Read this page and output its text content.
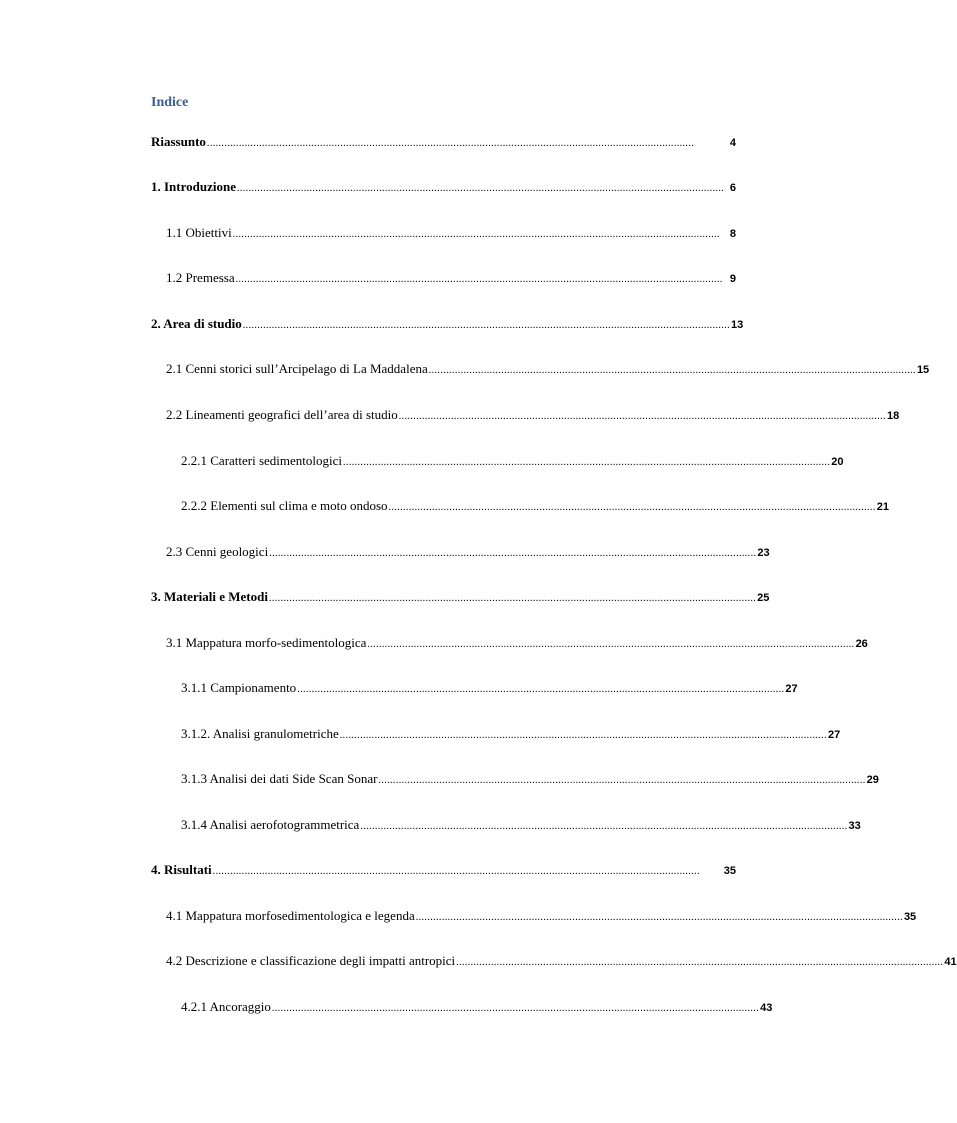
Indice
Riassunto ........................................................................................................................................................................	4
1. Introduzione ........................................................................................................................................................................ 6
1.1 Obiettivi ........................................................................................................................................................................ 8
1.2 Premessa ........................................................................................................................................................................ 9
2. Area di studio ........................................................................................................................................................................ 13
2.1 Cenni storici sull’Arcipelago di La Maddalena ........................................................................................................................................................................ 15
2.2 Lineamenti geografici dell’area di studio ........................................................................................................................................................................ 18
2.2.1 Caratteri sedimentologici ........................................................................................................................................................................ 20
2.2.2 Elementi sul clima e moto ondoso ........................................................................................................................................................................ 21
2.3 Cenni geologici ........................................................................................................................................................................ 23
3. Materiali e Metodi ........................................................................................................................................................................ 25
3.1 Mappatura morfo-sedimentologica ........................................................................................................................................................................ 26
3.1.1 Campionamento ........................................................................................................................................................................ 27
3.1.2. Analisi granulometriche ........................................................................................................................................................................ 27
3.1.3 Analisi dei dati Side Scan Sonar ........................................................................................................................................................................ 29
3.1.4 Analisi aerofotogrammetrica ........................................................................................................................................................................ 33
4. Risultati ........................................................................................................................................................................	35
4.1 Mappatura morfosedimentologica e legenda ........................................................................................................................................................................ 35
4.2 Descrizione e classificazione degli impatti antropici ........................................................................................................................................................................ 41
4.2.1 Ancoraggio ........................................................................................................................................................................ 43
